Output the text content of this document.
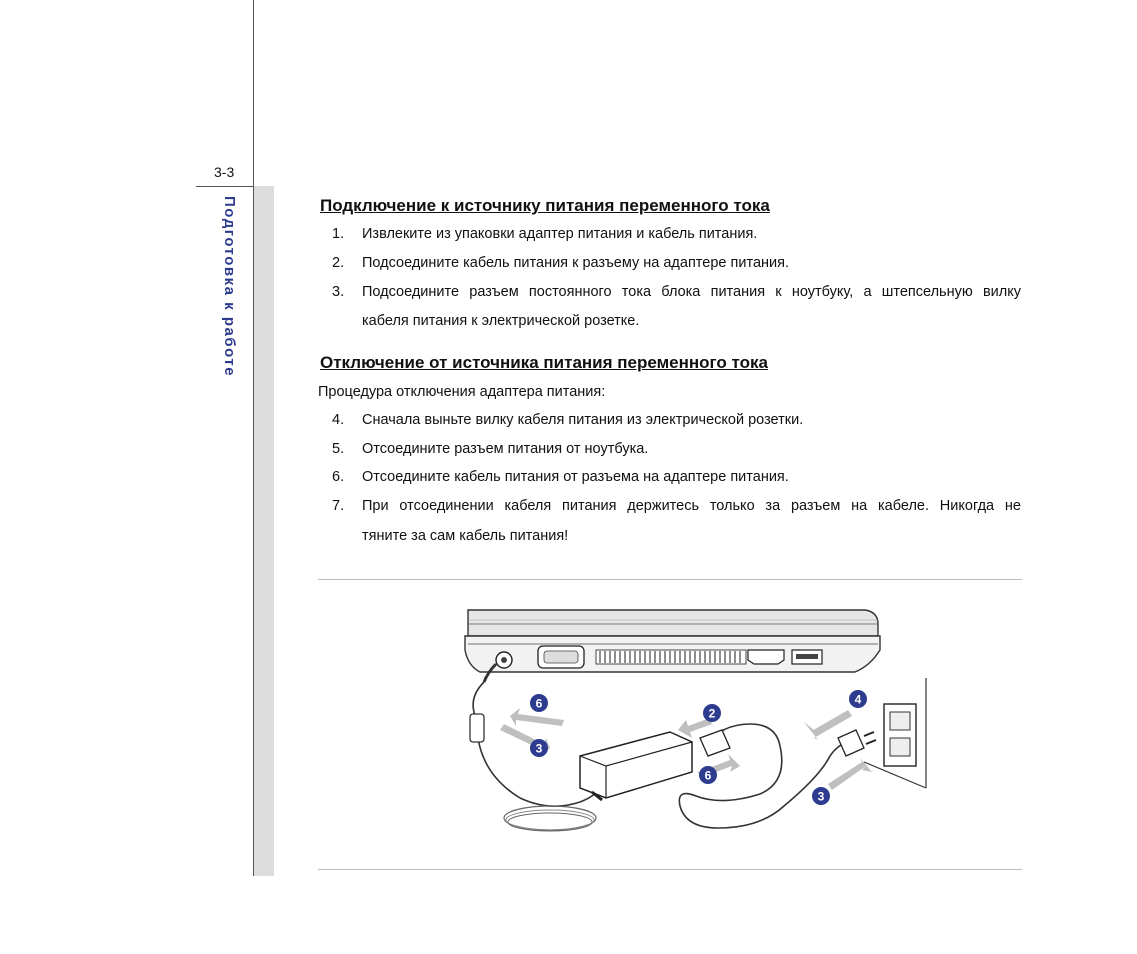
3-3
Подготовка к работе	Подключение к источнику питания переменного тока
1. Извлеките из упаковки адаптер питания и кабель питания.
2. Подсоедините кабель питания к разъему на адаптере питания.
3. Подсоедините разъем постоянного тока блока питания к ноутбуку, а штепсельную вилку
кабеля питания к электрической розетке.
Отключение от источника питания переменного тока
Процедура отключения адаптера питания:
4. Сначала выньте вилку кабеля питания из электрической розетки.
5. Отсоедините разъем питания от ноутбука.
6. Отсоедините кабель питания от разъема на адаптере питания.
7. При отсоединении кабеля питания держитесь только за разъем на кабеле. Никогда не
тяните за сам кабель питания!
6
3
2
6
4
3
